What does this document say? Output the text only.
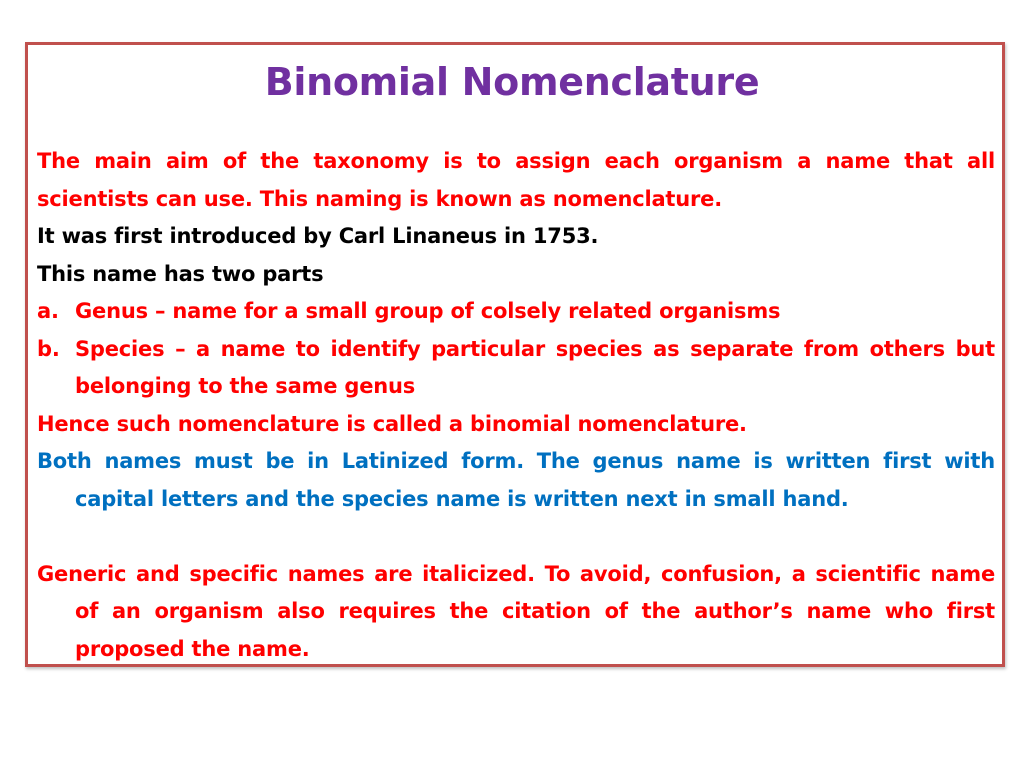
Binomial Nomenclature

The main aim of the taxonomy is to assign each organism a name that all scientists can use. This naming is known as nomenclature.

It was first introduced by Carl Linaneus in 1753.

This name has two parts

a. Genus – name for a small group of colsely related organisms
b. Species – a name to identify particular species as separate from others but belonging to the same genus

Hence such nomenclature is called a binomial nomenclature.

Both names must be in Latinized form. The genus name is written first with capital letters and the species name is written next in small hand.

Generic and specific names are italicized. To avoid, confusion, a scientific name of an organism also requires the citation of the author’s name who first proposed the name.
